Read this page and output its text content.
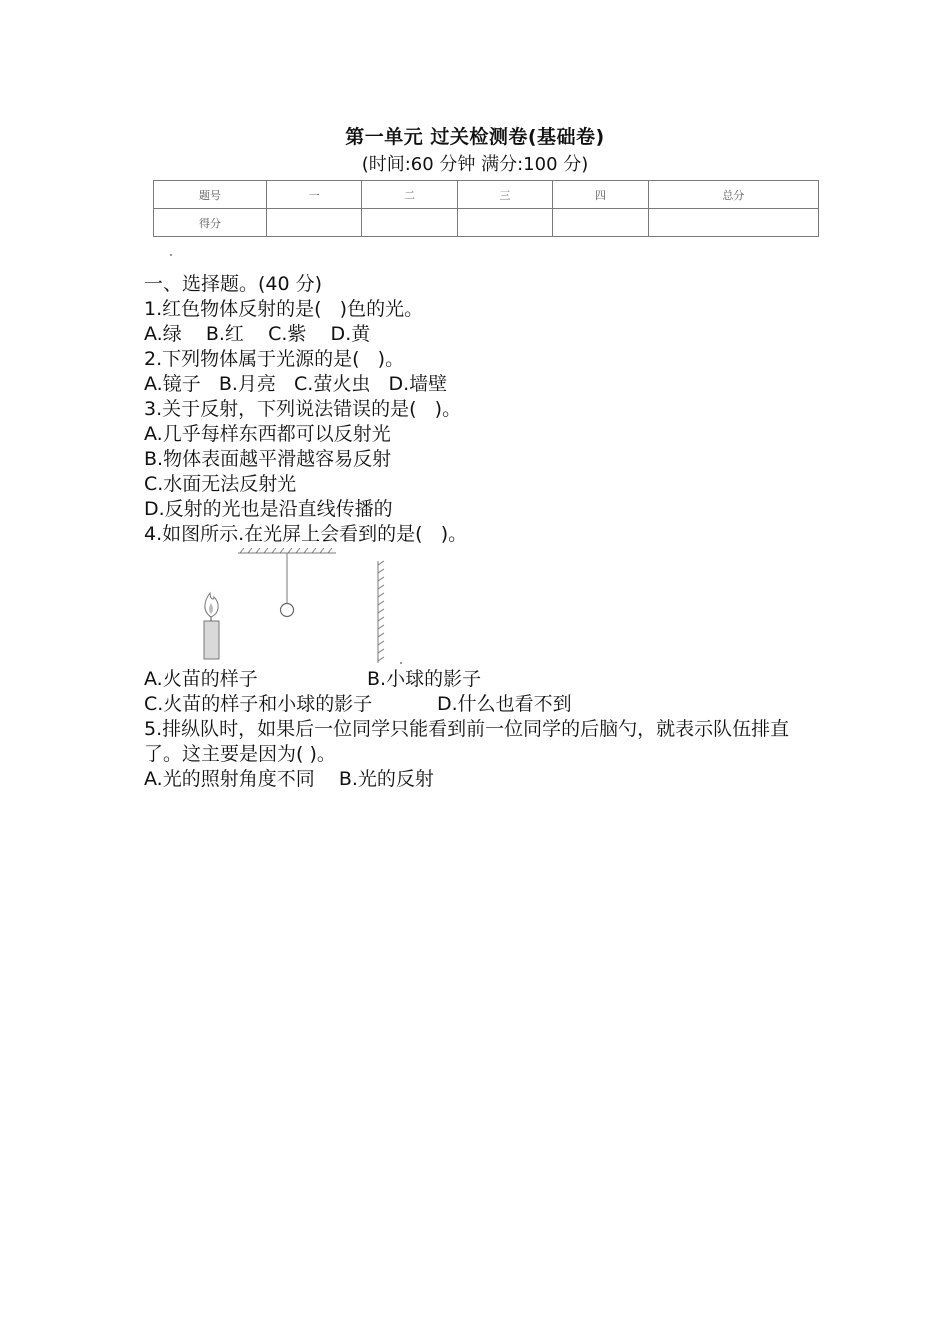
第一单元 过关检测卷(基础卷)
(时间:60 分钟 满分:100 分)
题号	一	二	三	四	总分
得分					

一、选择题。(40 分)

1.红色物体反射的是(   )色的光。

A.绿    B.红    C.紫    D.黄

2.下列物体属于光源的是(   )。

A.镜子   B.月亮   C.萤火虫   D.墙壁

3.关于反射，下列说法错误的是(   )。

A.几乎每样东西都可以反射光

B.物体表面越平滑越容易反射

C.水面无法反射光

D.反射的光也是沿直线传播的

4.如图所示.在光屏上会看到的是(   )。

A.火苗的样子	B.小球的影子
C.火苗的样子和小球的影子	D.什么也看不到

5.排纵队时，如果后一位同学只能看到前一位同学的后脑勺，就表示队伍排直了。这主要是因为( )。

A.光的照射角度不同    B.光的反射
